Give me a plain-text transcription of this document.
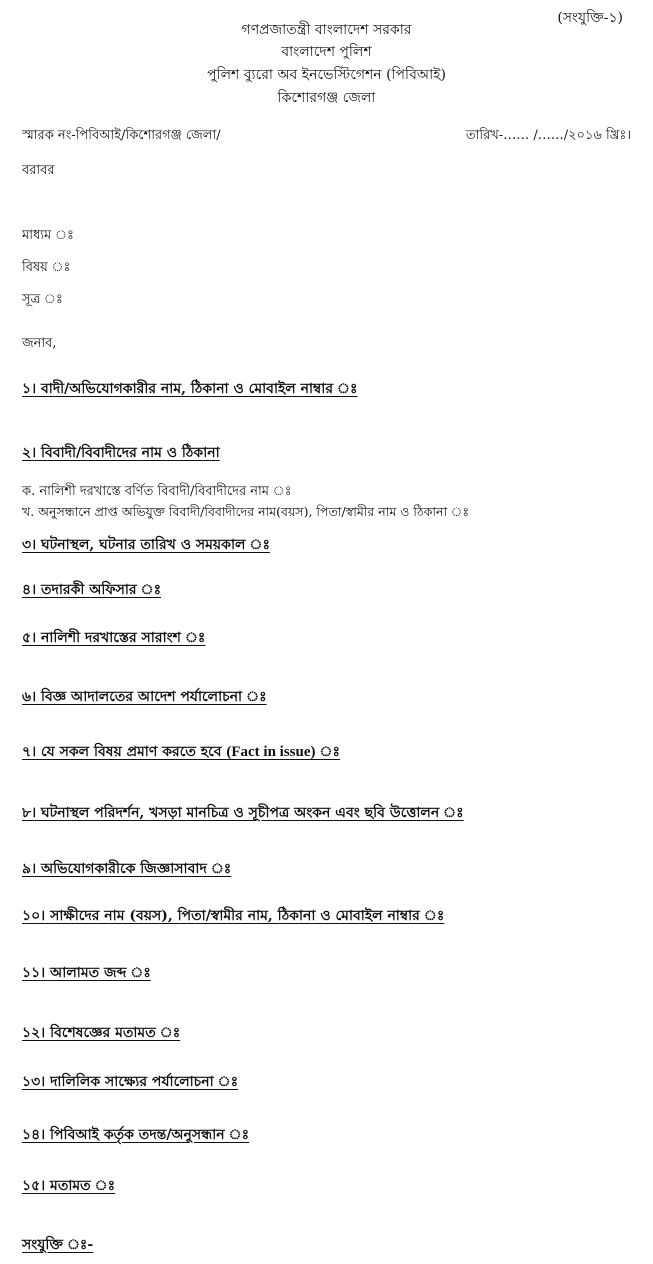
(সংযুক্তি-১)
গণপ্রজাতন্ত্রী বাংলাদেশ সরকার
বাংলাদেশ পুলিশ
পুলিশ ব্যুরো অব ইনভেস্টিগেশন (পিবিআই)
কিশোরগঞ্জ জেলা
স্মারক নং-পিবিআই/কিশোরগঞ্জ জেলা/	তারিখ-…… /……/২০১৬ খ্রিঃ।
বরাবর
মাধ্যম ঃ
বিষয় ঃ
সূত্র ঃ
জনাব,
১। বাদী/অভিযোগকারীর নাম, ঠিকানা ও মোবাইল নাম্বার ঃ
২। বিবাদী/বিবাদীদের নাম ও ঠিকানা
ক. নালিশী দরখাস্তে বর্ণিত বিবাদী/বিবাদীদের নাম ঃ
খ. অনুসন্ধানে প্রাপ্ত অভিযুক্ত বিবাদী/বিবাদীদের নাম(বয়স), পিতা/স্বামীর নাম ও ঠিকানা ঃ
৩। ঘটনাস্থল, ঘটনার তারিখ ও সময়কাল ঃ
৪। তদারকী অফিসার ঃ
৫। নালিশী দরখাস্তের সারাংশ ঃ
৬। বিজ্ঞ আদালতের আদেশ পর্যালোচনা ঃ
৭। যে সকল বিষয় প্রমাণ করতে হবে (Fact in issue) ঃ
৮। ঘটনাস্থল পরিদর্শন, খসড়া মানচিত্র ও সূচীপত্র অংকন এবং ছবি উত্তোলন ঃ
৯। অভিযোগকারীকে জিজ্ঞাসাবাদ ঃ
১০। সাক্ষীদের নাম (বয়স), পিতা/স্বামীর নাম, ঠিকানা ও মোবাইল নাম্বার ঃ
১১। আলামত জব্দ ঃ
১২। বিশেষজ্ঞের মতামত ঃ
১৩। দালিলিক সাক্ষ্যের পর্যালোচনা ঃ
১৪। পিবিআই কর্তৃক তদন্ত/অনুসন্ধান ঃ
১৫। মতামত ঃ
সংযুক্তি ঃ-
